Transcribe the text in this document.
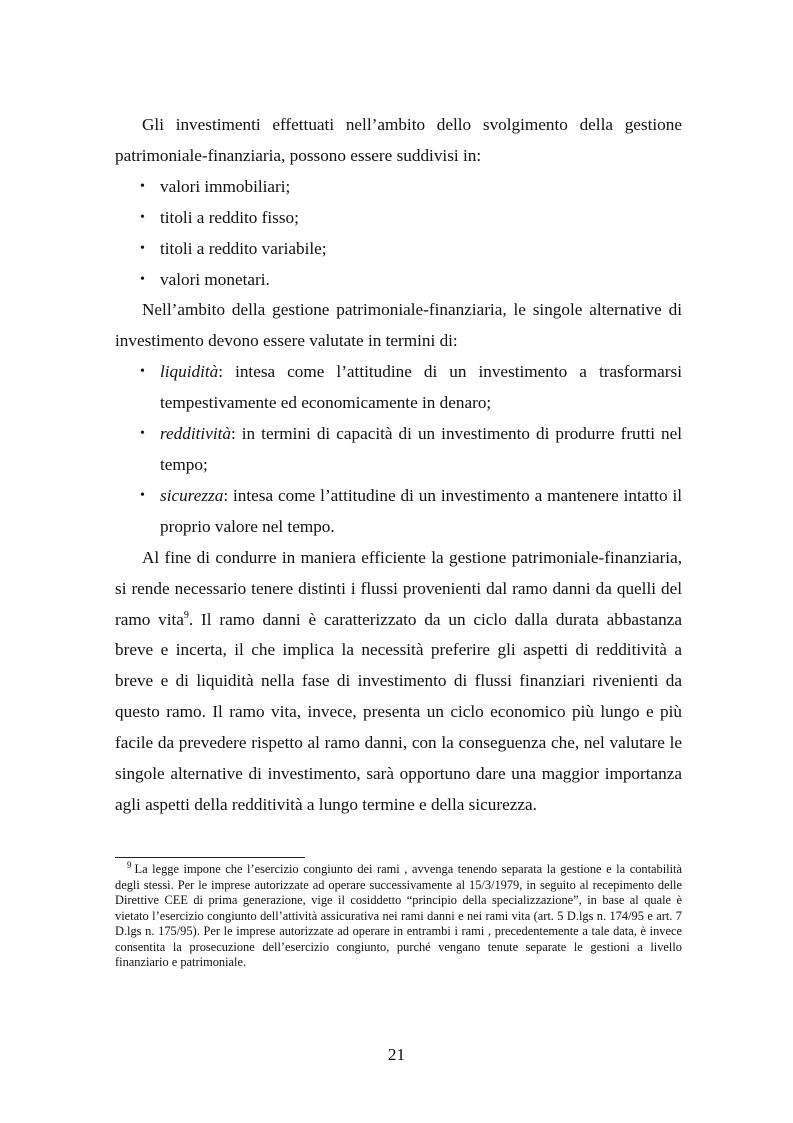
Gli investimenti effettuati nell’ambito dello svolgimento della gestione patrimoniale-finanziaria, possono essere suddivisi in:

• valori immobiliari;
• titoli a reddito fisso;
• titoli a reddito variabile;
• valori monetari.

Nell’ambito della gestione patrimoniale-finanziaria, le singole alternative di investimento devono essere valutate in termini di:

• liquidità: intesa come l’attitudine di un investimento a trasformarsi tempestivamente ed economicamente in denaro;
• redditività: in termini di capacità di un investimento di produrre frutti nel tempo;
• sicurezza: intesa come l’attitudine di un investimento a mantenere intatto il proprio valore nel tempo.

Al fine di condurre in maniera efficiente la gestione patrimoniale-finanziaria, si rende necessario tenere distinti i flussi provenienti dal ramo danni da quelli del ramo vita$^9$. Il ramo danni è caratterizzato da un ciclo dalla durata abbastanza breve e incerta, il che implica la necessità preferire gli aspetti di redditività a breve e di liquidità nella fase di investimento di flussi finanziari rivenienti da questo ramo. Il ramo vita, invece, presenta un ciclo economico più lungo e più facile da prevedere rispetto al ramo danni, con la conseguenza che, nel valutare le singole alternative di investimento, sarà opportuno dare una maggior importanza agli aspetti della redditività a lungo termine e della sicurezza.

$^9$ La legge impone che l’esercizio congiunto dei rami , avvenga tenendo separata la gestione e la contabilità degli stessi. Per le imprese autorizzate ad operare successivamente al 15/3/1979, in seguito al recepimento delle Direttive CEE di prima generazione, vige il cosiddetto “principio della specializzazione”, in base al quale è vietato l’esercizio congiunto dell’attività assicurativa nei rami danni e nei rami vita (art. 5 D.lgs n. 174/95 e art. 7 D.lgs n. 175/95). Per le imprese autorizzate ad operare in entrambi i rami , precedentemente a tale data, è invece consentita la prosecuzione dell’esercizio congiunto, purché vengano tenute separate le gestioni a livello finanziario e patrimoniale.

21
